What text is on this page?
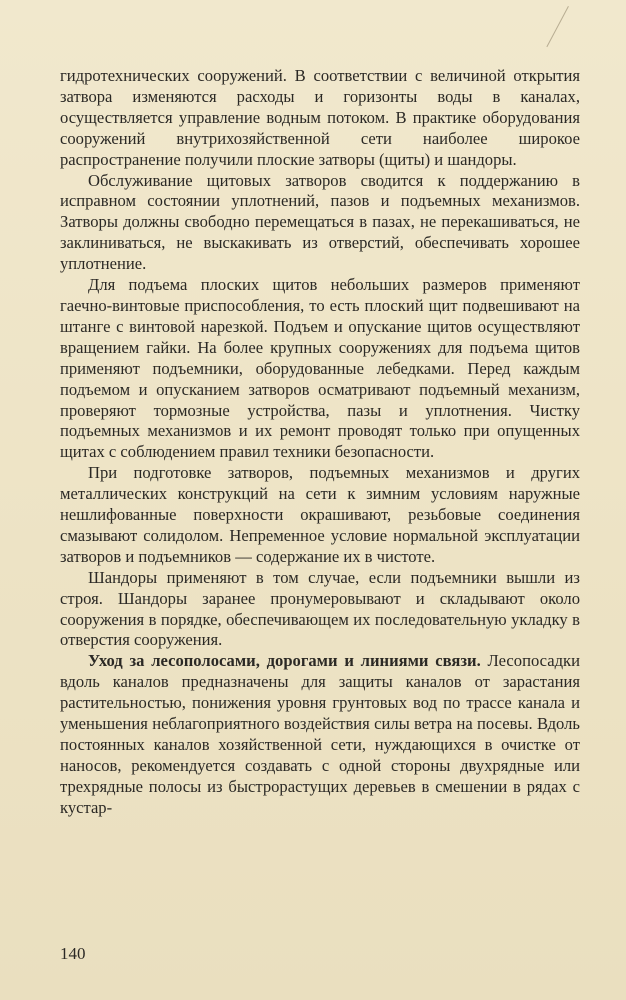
гидротехнических сооружений. В соответствии с величиной открытия затвора изменяются расходы и горизонты воды в каналах, осуществляется управление водным потоком. В практике оборудования сооружений внутрихозяйственной сети наиболее широкое распространение получили плоские затворы (щиты) и шандоры.

Обслуживание щитовых затворов сводится к поддержанию в исправном состоянии уплотнений, пазов и подъемных механизмов. Затворы должны свободно перемещаться в пазах, не перекашиваться, не заклиниваться, не выскакивать из отверстий, обеспечивать хорошее уплотнение.

Для подъема плоских щитов небольших размеров применяют гаечно-винтовые приспособления, то есть плоский щит подвешивают на штанге с винтовой нарезкой. Подъем и опускание щитов осуществляют вращением гайки. На более крупных сооружениях для подъема щитов применяют подъемники, оборудованные лебедками. Перед каждым подъемом и опусканием затворов осматривают подъемный механизм, проверяют тормозные устройства, пазы и уплотнения. Чистку подъемных механизмов и их ремонт проводят только при опущенных щитах с соблюдением правил техники безопасности.

При подготовке затворов, подъемных механизмов и других металлических конструкций на сети к зимним условиям наружные нешлифованные поверхности окрашивают, резьбовые соединения смазывают солидолом. Непременное условие нормальной эксплуатации затворов и подъемников — содержание их в чистоте.

Шандоры применяют в том случае, если подъемники вышли из строя. Шандоры заранее пронумеровывают и складывают около сооружения в порядке, обеспечивающем их последовательную укладку в отверстия сооружения.

Уход за лесополосами, дорогами и линиями связи. Лесопосадки вдоль каналов предназначены для защиты каналов от зарастания растительностью, понижения уровня грунтовых вод по трассе канала и уменьшения неблагоприятного воздействия силы ветра на посевы. Вдоль постоянных каналов хозяйственной сети, нуждающихся в очистке от наносов, рекомендуется создавать с одной стороны двухрядные или трехрядные полосы из быстрорастущих деревьев в смешении в рядах с кустар-

140
